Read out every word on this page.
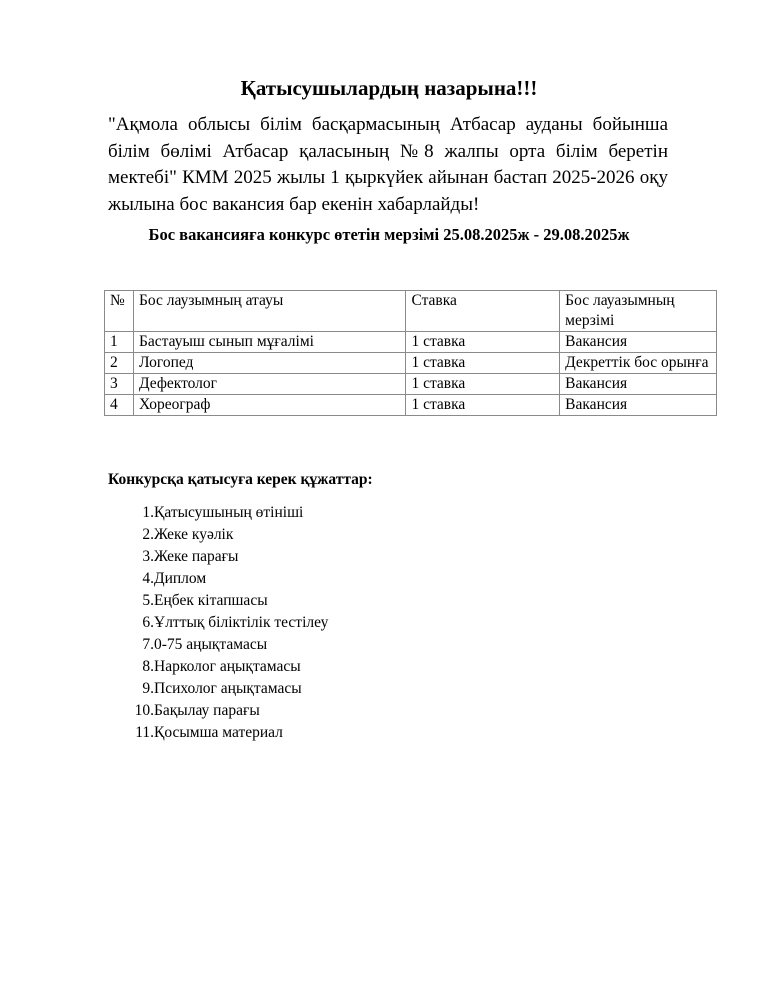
Қатысушылардың назарына!!!
"Ақмола облысы білім басқармасының Атбасар ауданы бойынша білім бөлімі Атбасар қаласының №8 жалпы орта білім беретін мектебі" КММ 2025 жылы 1 қыркүйек айынан бастап 2025-2026 оқу жылына бос вакансия бар екенін хабарлайды!
Бос вакансияға конкурс өтетін мерзімі 25.08.2025ж - 29.08.2025ж
№	Бос лаузымның атауы	Ставка	Бос лауазымның мерзімі
1	Бастауыш сынып мұғалімі	1 ставка	Вакансия
2	Логопед	1 ставка	Декреттік бос орынға
3	Дефектолог	1 ставка	Вакансия
4	Хореограф	1 ставка	Вакансия
Конкурсқа қатысуға керек құжаттар:
1. Қатысушының өтініші
2. Жеке куәлік
3. Жеке парағы
4. Диплом
5. Еңбек кітапшасы
6. Ұлттық біліктілік тестілеу
7. 0-75 аңықтамасы
8. Нарколог аңықтамасы
9. Психолог аңықтамасы
10. Бақылау парағы
11. Қосымша материал
